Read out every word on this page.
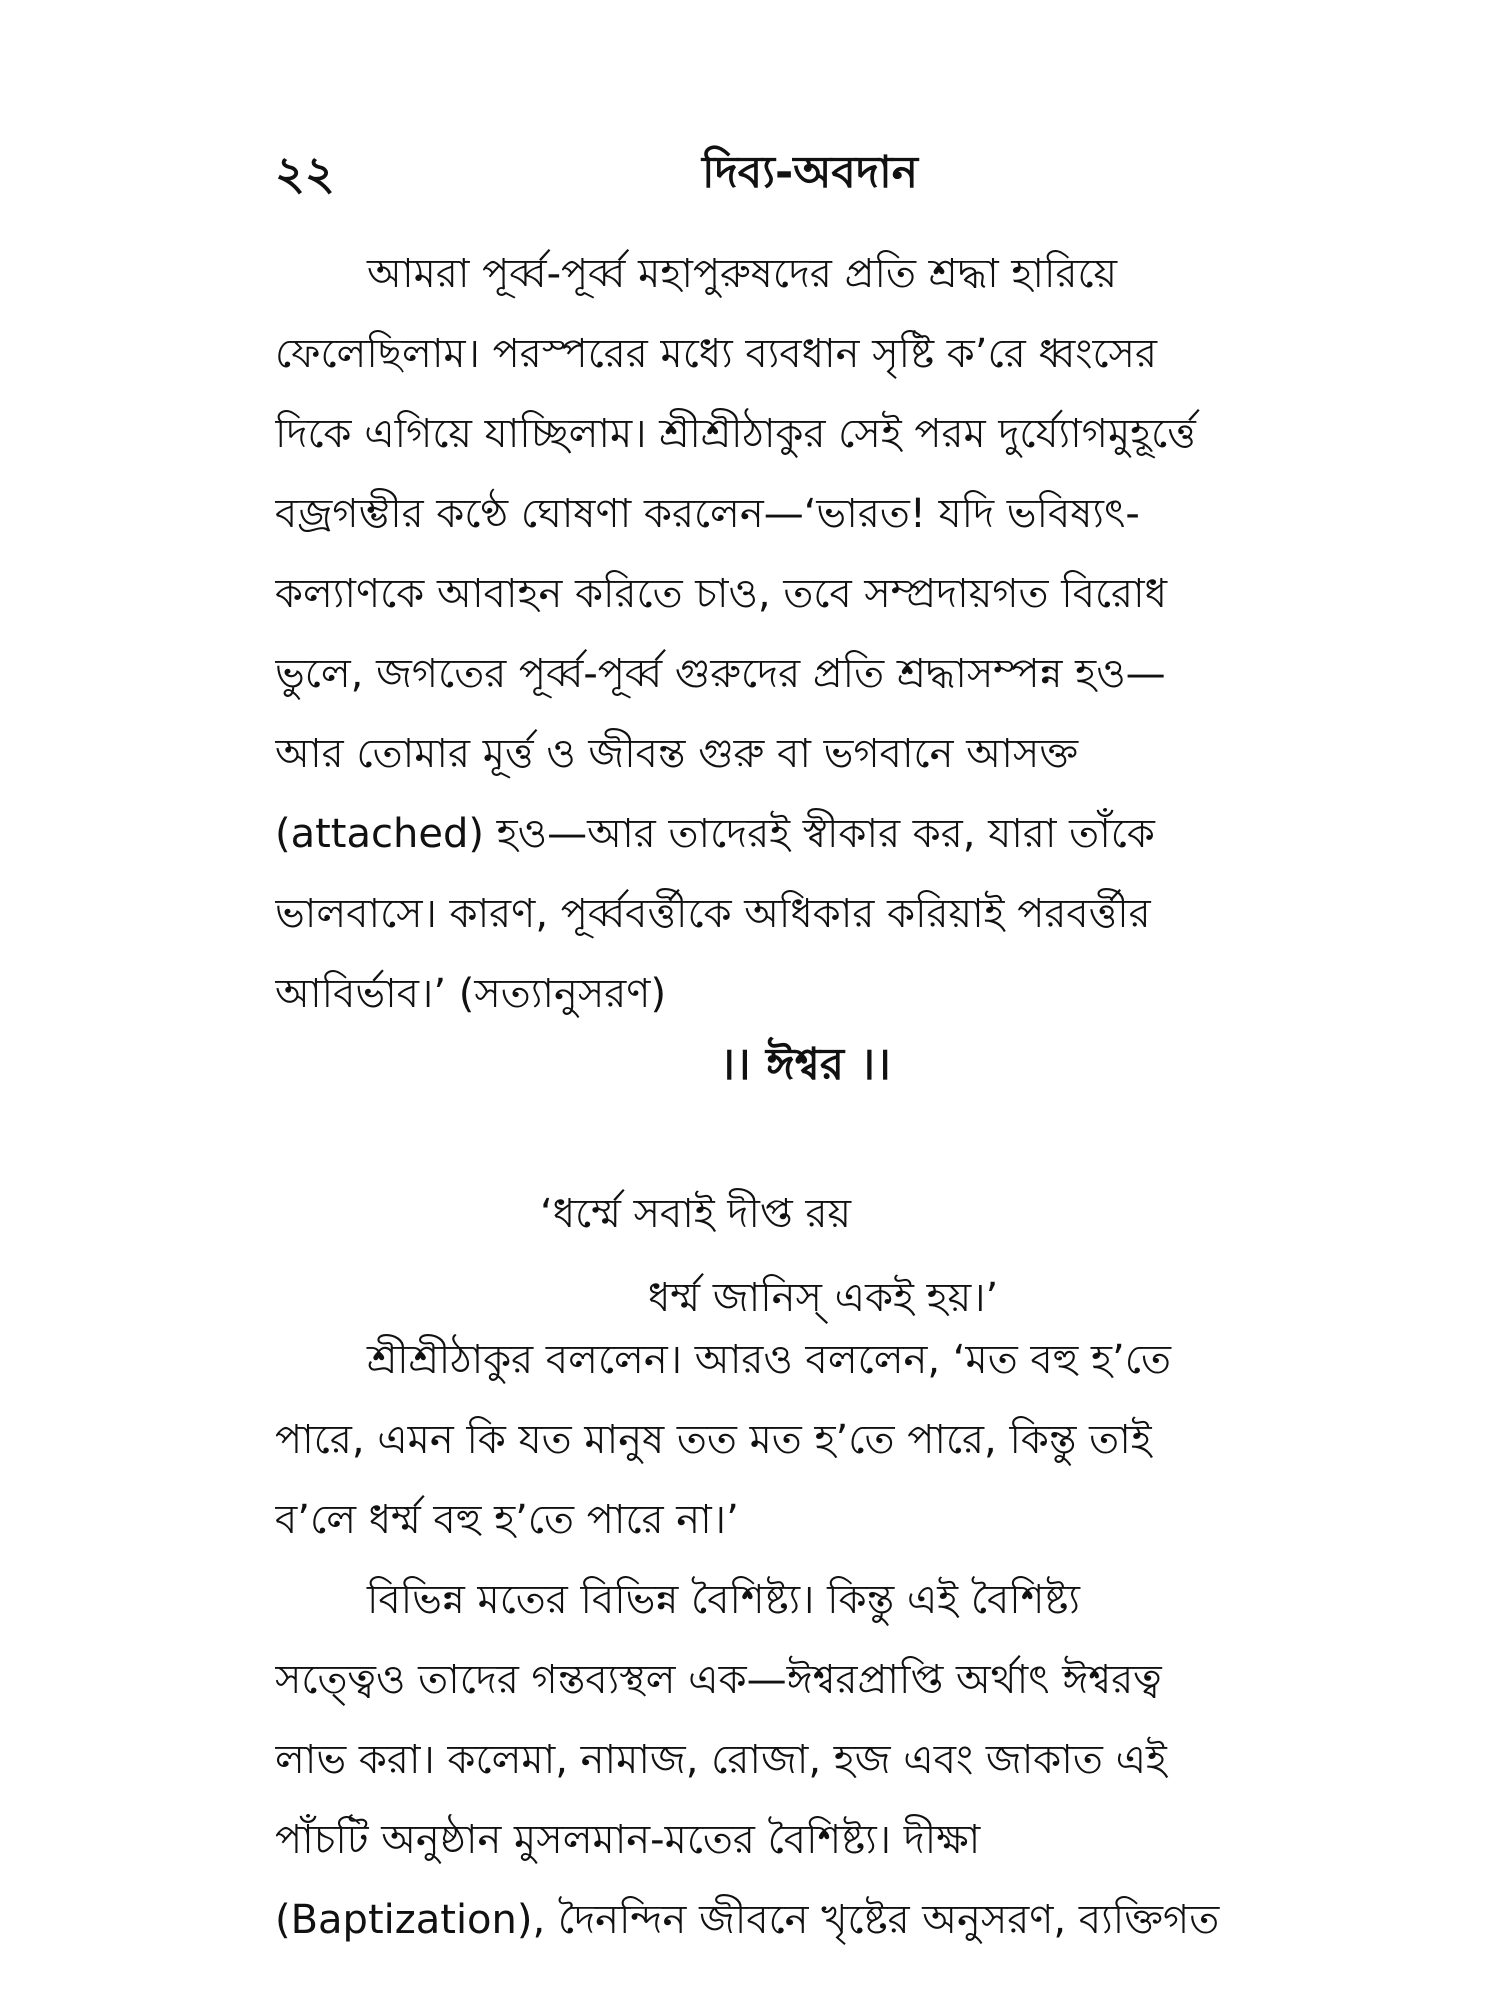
২২	দিব্য-অবদান
আমরা পূর্ব্ব-পূর্ব্ব মহাপুরুষদের প্রতি শ্রদ্ধা হারিয়ে
ফেলেছিলাম। পরস্পরের মধ্যে ব্যবধান সৃষ্টি ক’রে ধ্বংসের
দিকে এগিয়ে যাচ্ছিলাম। শ্রীশ্রীঠাকুর সেই পরম দুর্য্যোগমুহূর্ত্তে
বজ্রগম্ভীর কণ্ঠে ঘোষণা করলেন—‘ভারত! যদি ভবিষ্যৎ-
কল্যাণকে আবাহন করিতে চাও, তবে সম্প্রদায়গত বিরোধ
ভুলে, জগতের পূর্ব্ব-পূর্ব্ব গুরুদের প্রতি শ্রদ্ধাসম্পন্ন হও—
আর তোমার মূর্ত্ত ও জীবন্ত গুরু বা ভগবানে আসক্ত
(attached) হও—আর তাদেরই স্বীকার কর, যারা তাঁকে
ভালবাসে। কারণ, পূর্ব্ববর্ত্তীকে অধিকার করিয়াই পরবর্ত্তীর
আবির্ভাব।’ (সত্যানুসরণ)
।। ঈশ্বর ।।
‘ধর্ম্মে সবাই দীপ্ত রয়
ধর্ম্ম জানিস্ একই হয়।’
শ্রীশ্রীঠাকুর বললেন। আরও বললেন, ‘মত বহু হ’তে
পারে, এমন কি যত মানুষ তত মত হ’তে পারে, কিন্তু তাই
ব’লে ধর্ম্ম বহু হ’তে পারে না।’
বিভিন্ন মতের বিভিন্ন বৈশিষ্ট্য। কিন্তু এই বৈশিষ্ট্য
সত্ত্বেও তাদের গন্তব্যস্থল এক—ঈশ্বরপ্রাপ্তি অর্থাৎ ঈশ্বরত্ব
লাভ করা। কলেমা, নামাজ, রোজা, হজ এবং জাকাত এই
পাঁচটি অনুষ্ঠান মুসলমান-মতের বৈশিষ্ট্য। দীক্ষা
(Baptization), দৈনন্দিন জীবনে খৃষ্টের অনুসরণ, ব্যক্তিগত
